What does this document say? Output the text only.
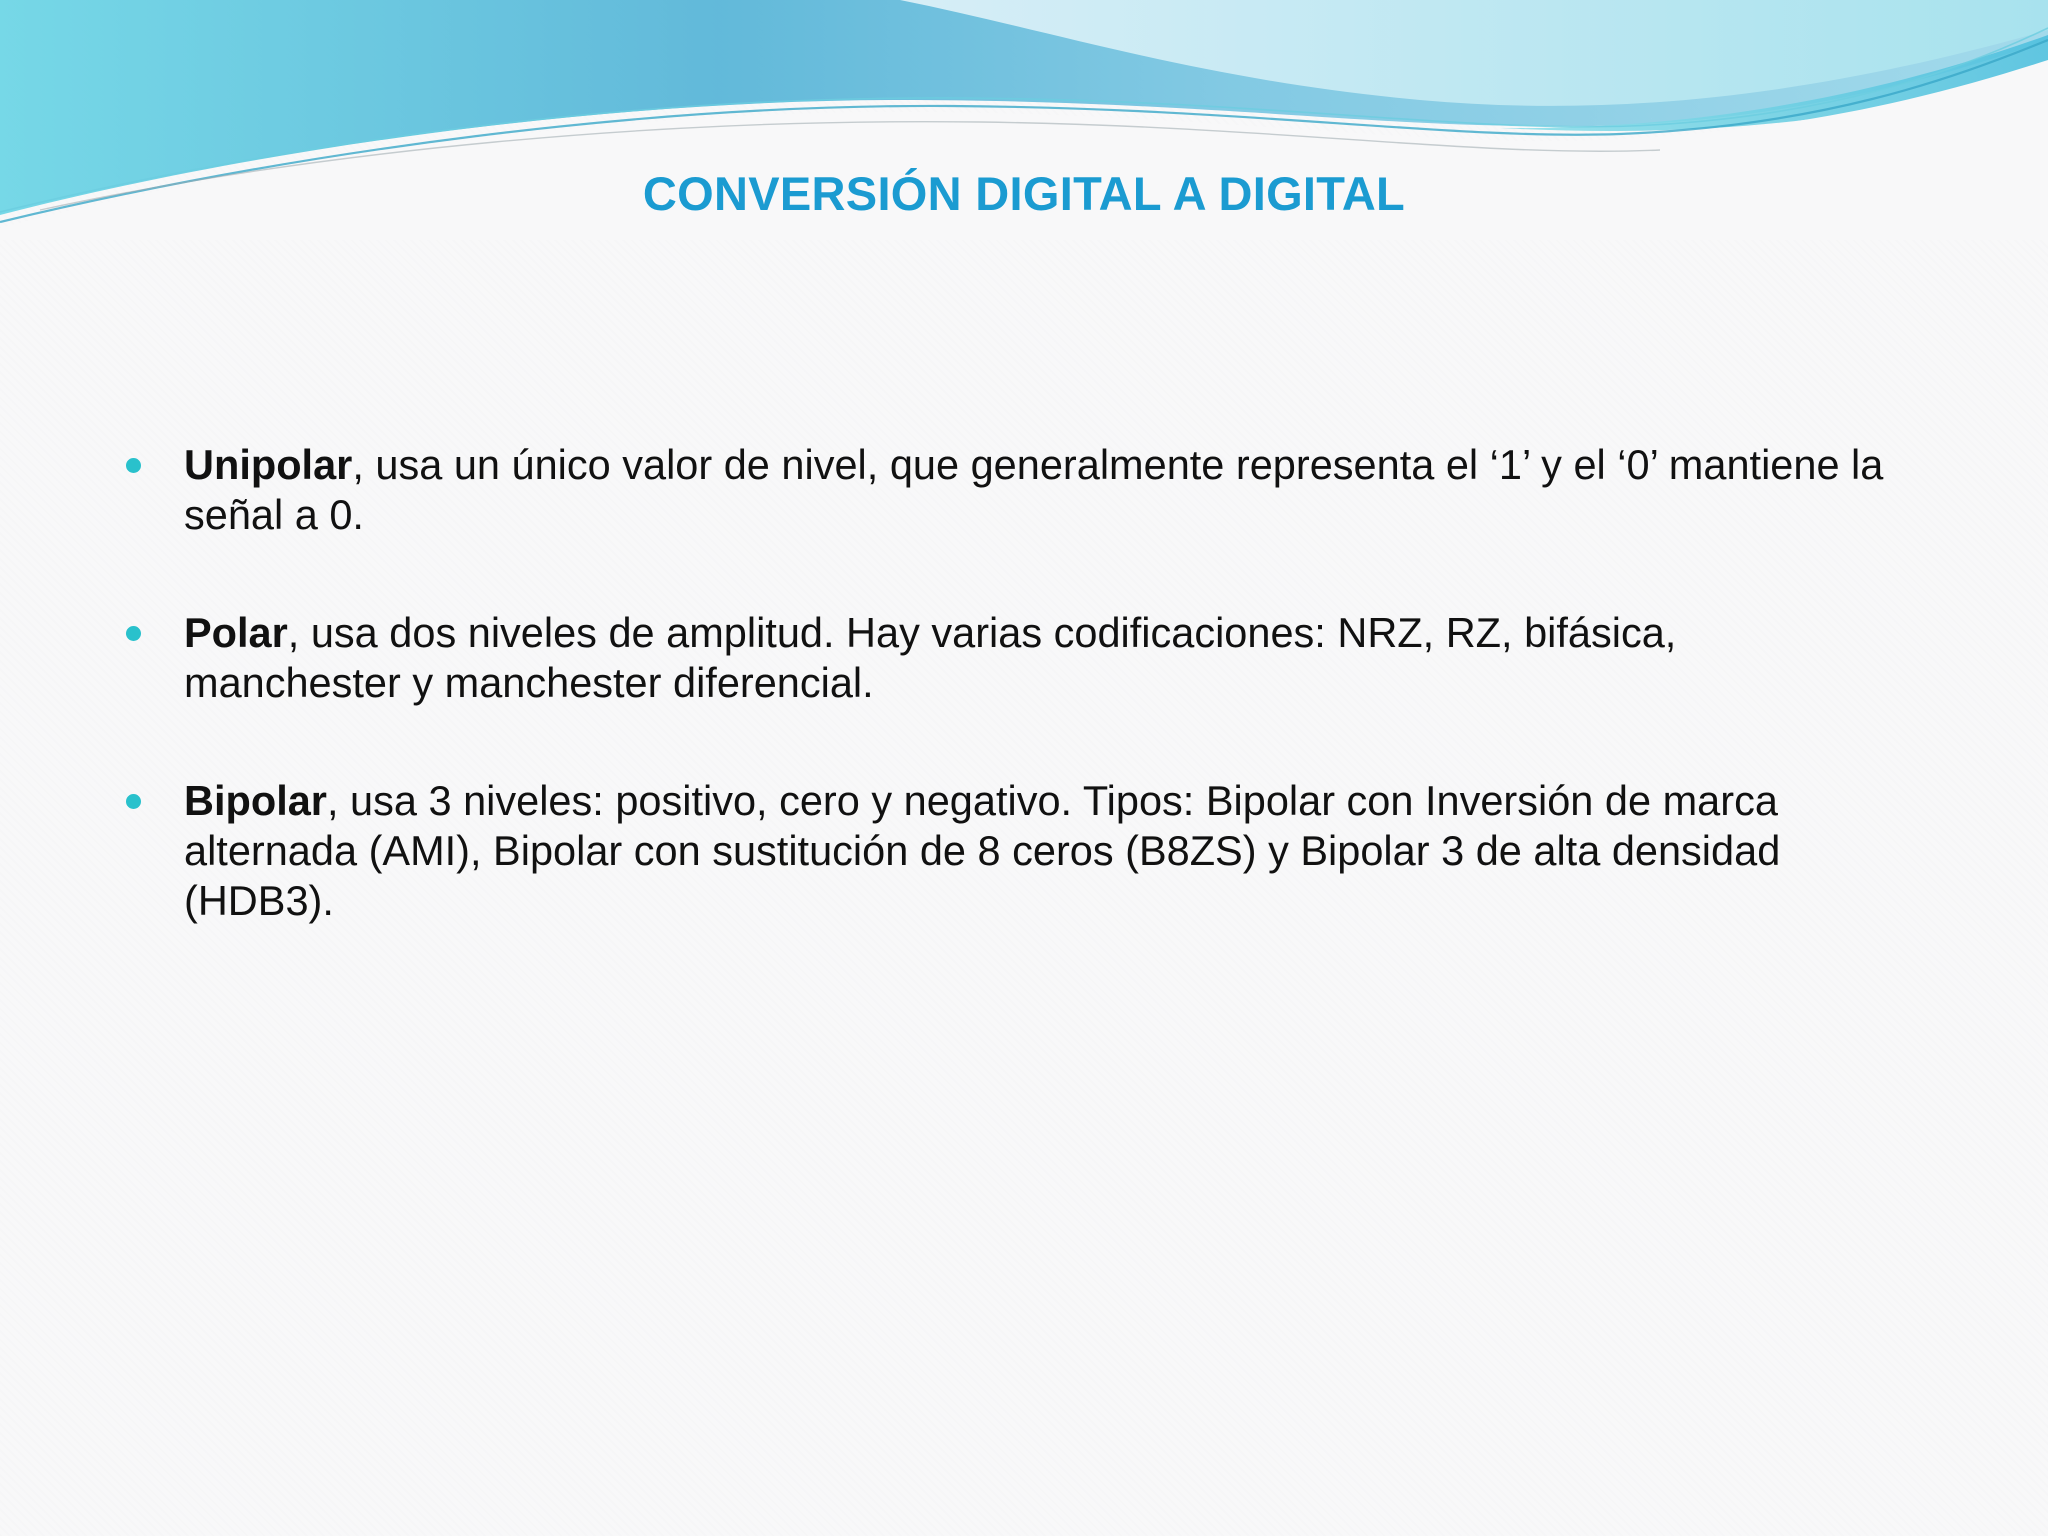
CONVERSIÓN DIGITAL A DIGITAL
Unipolar, usa un único valor de nivel, que generalmente representa el ‘1’ y el ‘0’ mantiene la señal a 0.
Polar, usa dos niveles de amplitud. Hay varias codificaciones: NRZ, RZ, bifásica, manchester y manchester diferencial.
Bipolar, usa 3 niveles: positivo, cero y negativo. Tipos: Bipolar con Inversión de marca alternada (AMI), Bipolar con sustitución de 8 ceros (B8ZS) y Bipolar 3 de alta densidad (HDB3).
